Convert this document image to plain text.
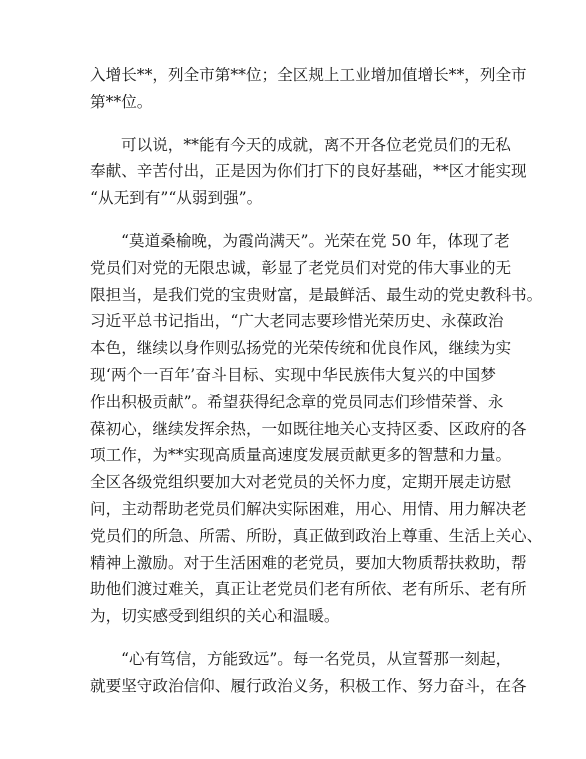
入增长**，列全市第**位；全区规上工业增加值增长**，列全市
第**位。
可以说，**能有今天的成就，离不开各位老党员们的无私
奉献、辛苦付出，正是因为你们打下的良好基础，**区才能实现
“从无到有”“从弱到强”。
“莫道桑榆晚，为霞尚满天”。光荣在党 50 年，体现了老
党员们对党的无限忠诚，彰显了老党员们对党的伟大事业的无
限担当，是我们党的宝贵财富，是最鲜活、最生动的党史教科书。
习近平总书记指出，“广大老同志要珍惜光荣历史、永葆政治
本色，继续以身作则弘扬党的光荣传统和优良作风，继续为实
现‘两个一百年’奋斗目标、实现中华民族伟大复兴的中国梦
作出积极贡献”。希望获得纪念章的党员同志们珍惜荣誉、永
葆初心，继续发挥余热，一如既往地关心支持区委、区政府的各
项工作，为**实现高质量高速度发展贡献更多的智慧和力量。
全区各级党组织要加大对老党员的关怀力度，定期开展走访慰
问，主动帮助老党员们解决实际困难，用心、用情、用力解决老
党员们的所急、所需、所盼，真正做到政治上尊重、生活上关心、
精神上激励。对于生活困难的老党员，要加大物质帮扶救助，帮
助他们渡过难关，真正让老党员们老有所依、老有所乐、老有所
为，切实感受到组织的关心和温暖。
“心有笃信，方能致远”。每一名党员，从宣誓那一刻起，
就要坚守政治信仰、履行政治义务，积极工作、努力奋斗，在各
